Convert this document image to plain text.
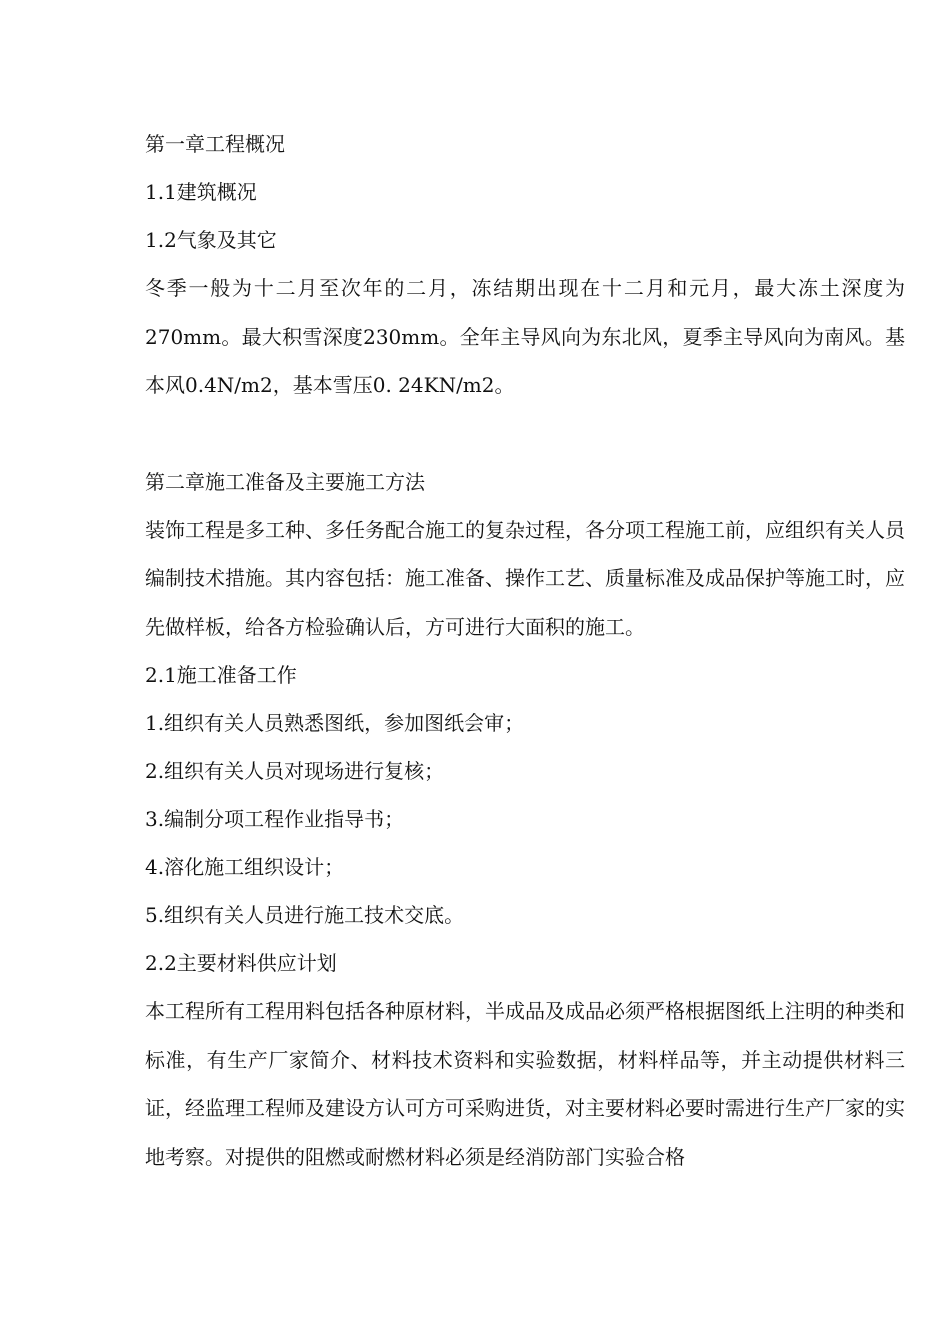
第一章工程概况
1.1建筑概况
1.2气象及其它
冬季一般为十二月至次年的二月，冻结期出现在十二月和元月，最大冻土深度为270mm。最大积雪深度230mm。全年主导风向为东北风，夏季主导风向为南风。基本风0.4N/m2，基本雪压0. 24KN/m2。
第二章施工准备及主要施工方法
装饰工程是多工种、多任务配合施工的复杂过程，各分项工程施工前，应组织有关人员编制技术措施。其内容包括：施工准备、操作工艺、质量标准及成品保护等施工时，应先做样板，给各方检验确认后，方可进行大面积的施工。
2.1施工准备工作
1.组织有关人员熟悉图纸，参加图纸会审；
2.组织有关人员对现场进行复核；
3.编制分项工程作业指导书；
4.溶化施工组织设计；
5.组织有关人员进行施工技术交底。
2.2主要材料供应计划
本工程所有工程用料包括各种原材料，半成品及成品必须严格根据图纸上注明的种类和标准，有生产厂家简介、材料技术资料和实验数据，材料样品等，并主动提供材料三证，经监理工程师及建设方认可方可采购进货，对主要材料必要时需进行生产厂家的实地考察。对提供的阻燃或耐燃材料必须是经消防部门实验合格
